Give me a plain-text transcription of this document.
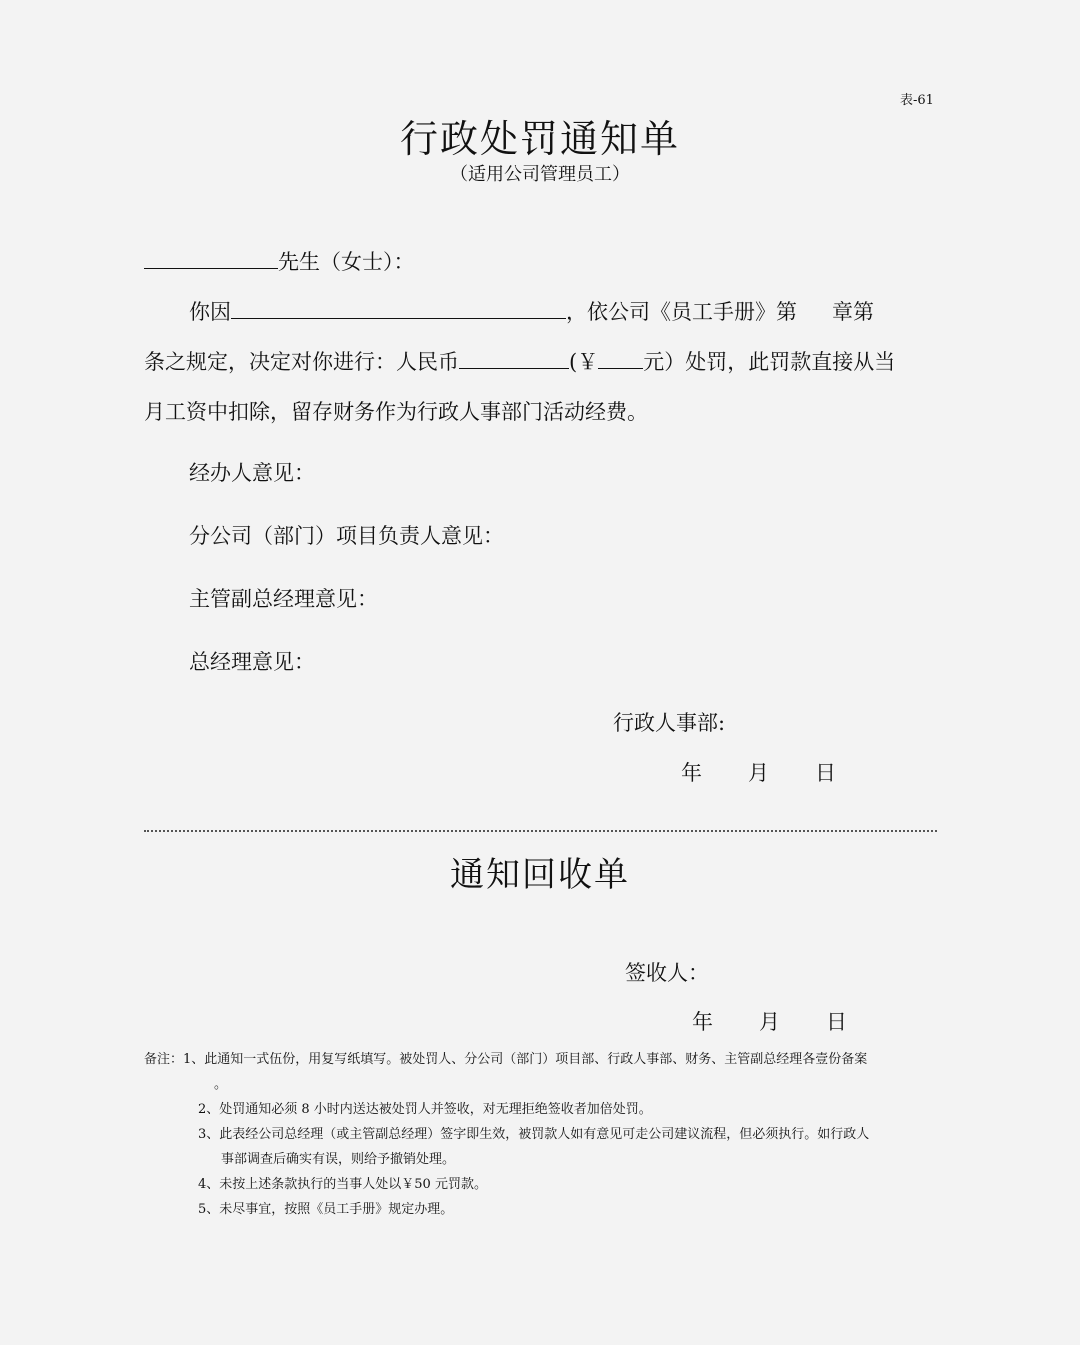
表-61
行政处罚通知单
（适用公司管理员工）
先生（女士）：
你因	，依公司《员工手册》第 章第
条之规定，决定对你进行：人民币	(￥ 元）处罚，此罚款直接从当
月工资中扣除，留存财务作为行政人事部门活动经费。
经办人意见：
分公司（部门）项目负责人意见：
主管副总经理意见：
总经理意见：
行政人事部:
年 月 日
通知回收单
签收人：
年 月 日
备注：1、此通知一式伍份，用复写纸填写。被处罚人、分公司（部门）项目部、行政人事部、财务、主管副总经理各壹份备案
。
2、处罚通知必须 8 小时内送达被处罚人并签收，对无理拒绝签收者加倍处罚。
3、此表经公司总经理（或主管副总经理）签字即生效，被罚款人如有意见可走公司建议流程，但必须执行。如行政人
事部调查后确实有误，则给予撤销处理。
4、未按上述条款执行的当事人处以￥50 元罚款。
5、未尽事宜，按照《员工手册》规定办理。
